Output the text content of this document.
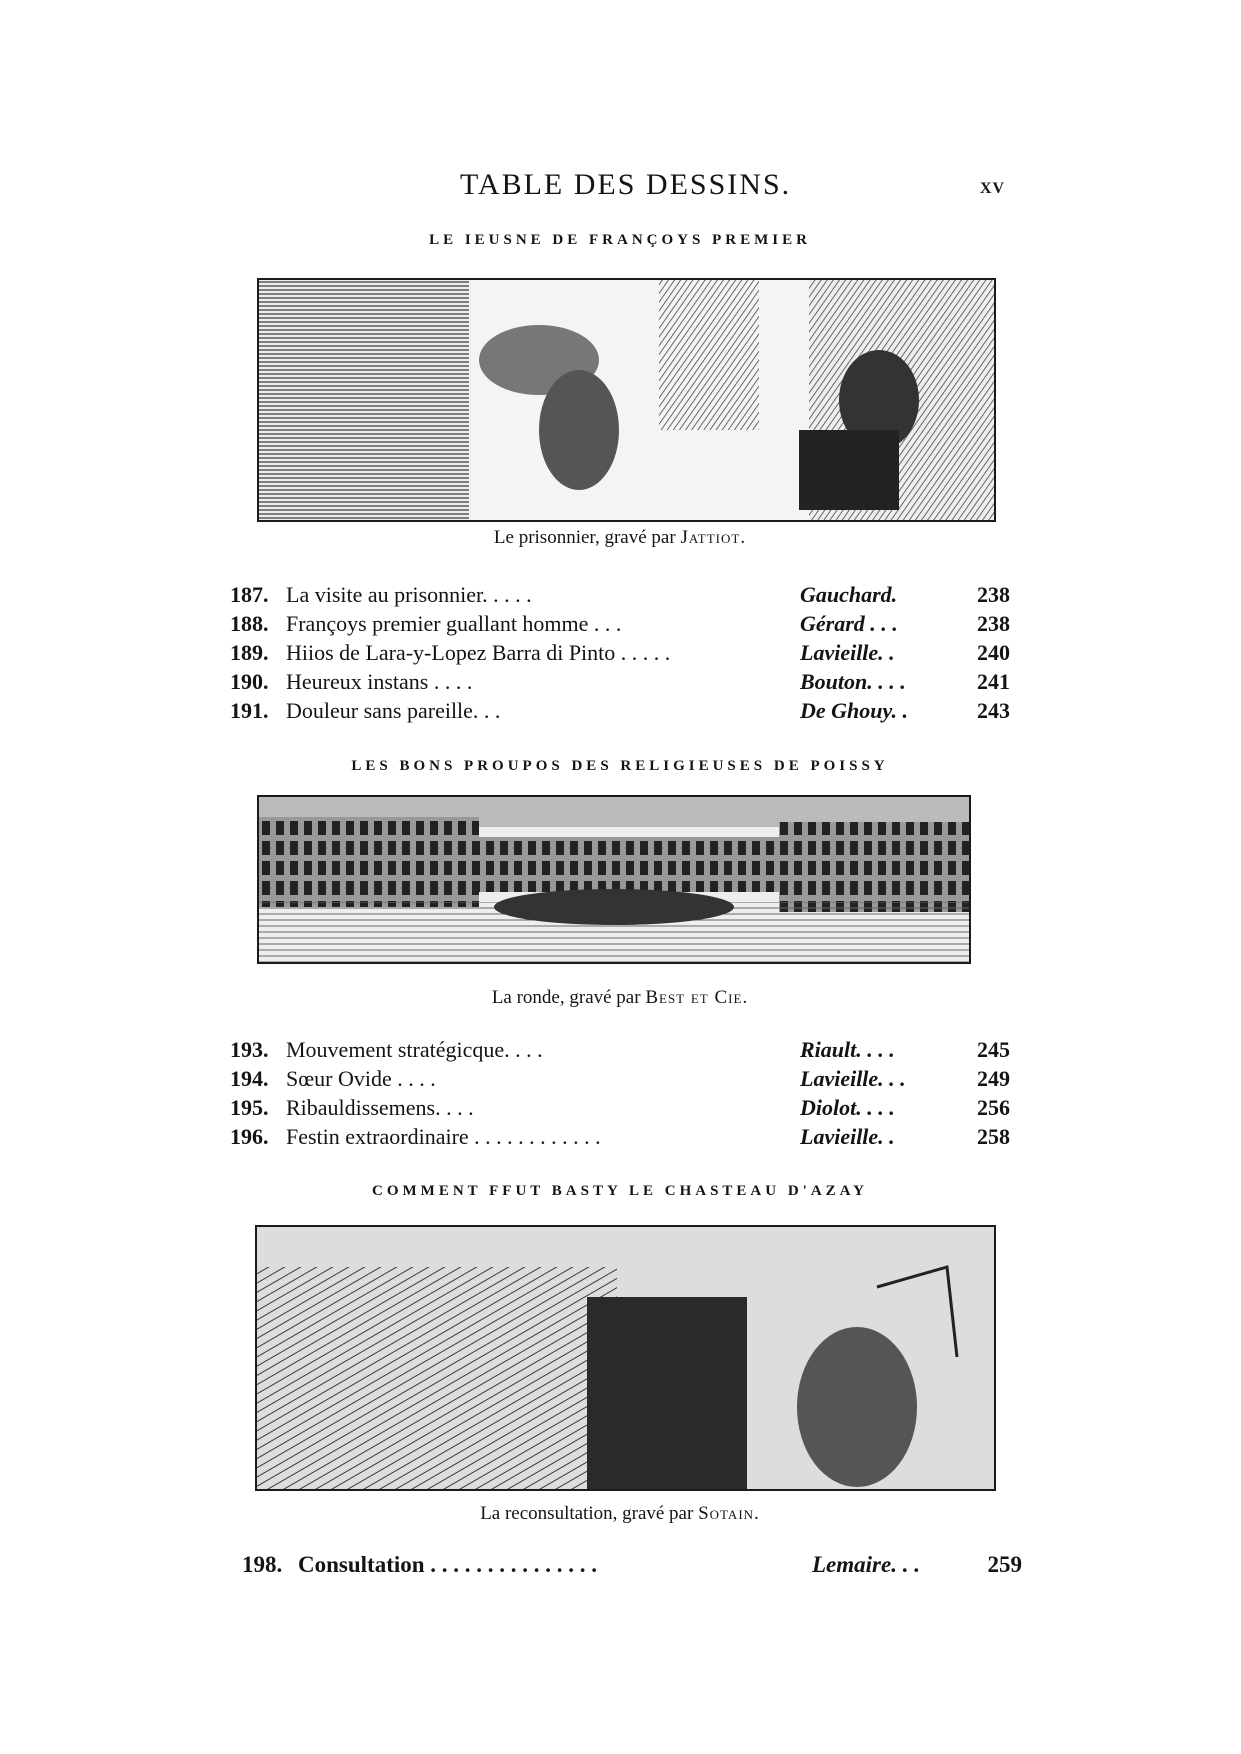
TABLE DES DESSINS.	XV
LE IEUSNE DE FRANÇOYS PREMIER
Le prisonnier, gravé par Jattiot.
187. La visite au prisonnier. . . . .	Gauchard.	238
188. Françoys premier guallant homme . . .	Gérard . . .	238
189. Hiios de Lara-y-Lopez Barra di Pinto . . . . .	Lavieille. .	240
190. Heureux instans . . . .	Bouton. . . .	241
191. Douleur sans pareille. . .	De Ghouy. .	243
LES BONS PROUPOS DES RELIGIEUSES DE POISSY
La ronde, gravé par Best et Cie.
193. Mouvement stratégicque. . . .	Riault. . . .	245
194. Sœur Ovide . . . .	Lavieille. . .	249
195. Ribauldissemens. . . .	Diolot. . . .	256
196. Festin extraordinaire . . . . . . . . . . . .	Lavieille. .	258
COMMENT FFUT BASTY LE CHASTEAU D'AZAY
La reconsultation, gravé par Sotain.
198. Consultation . . . . . . . . . . . . . . .	Lemaire. . .	259
